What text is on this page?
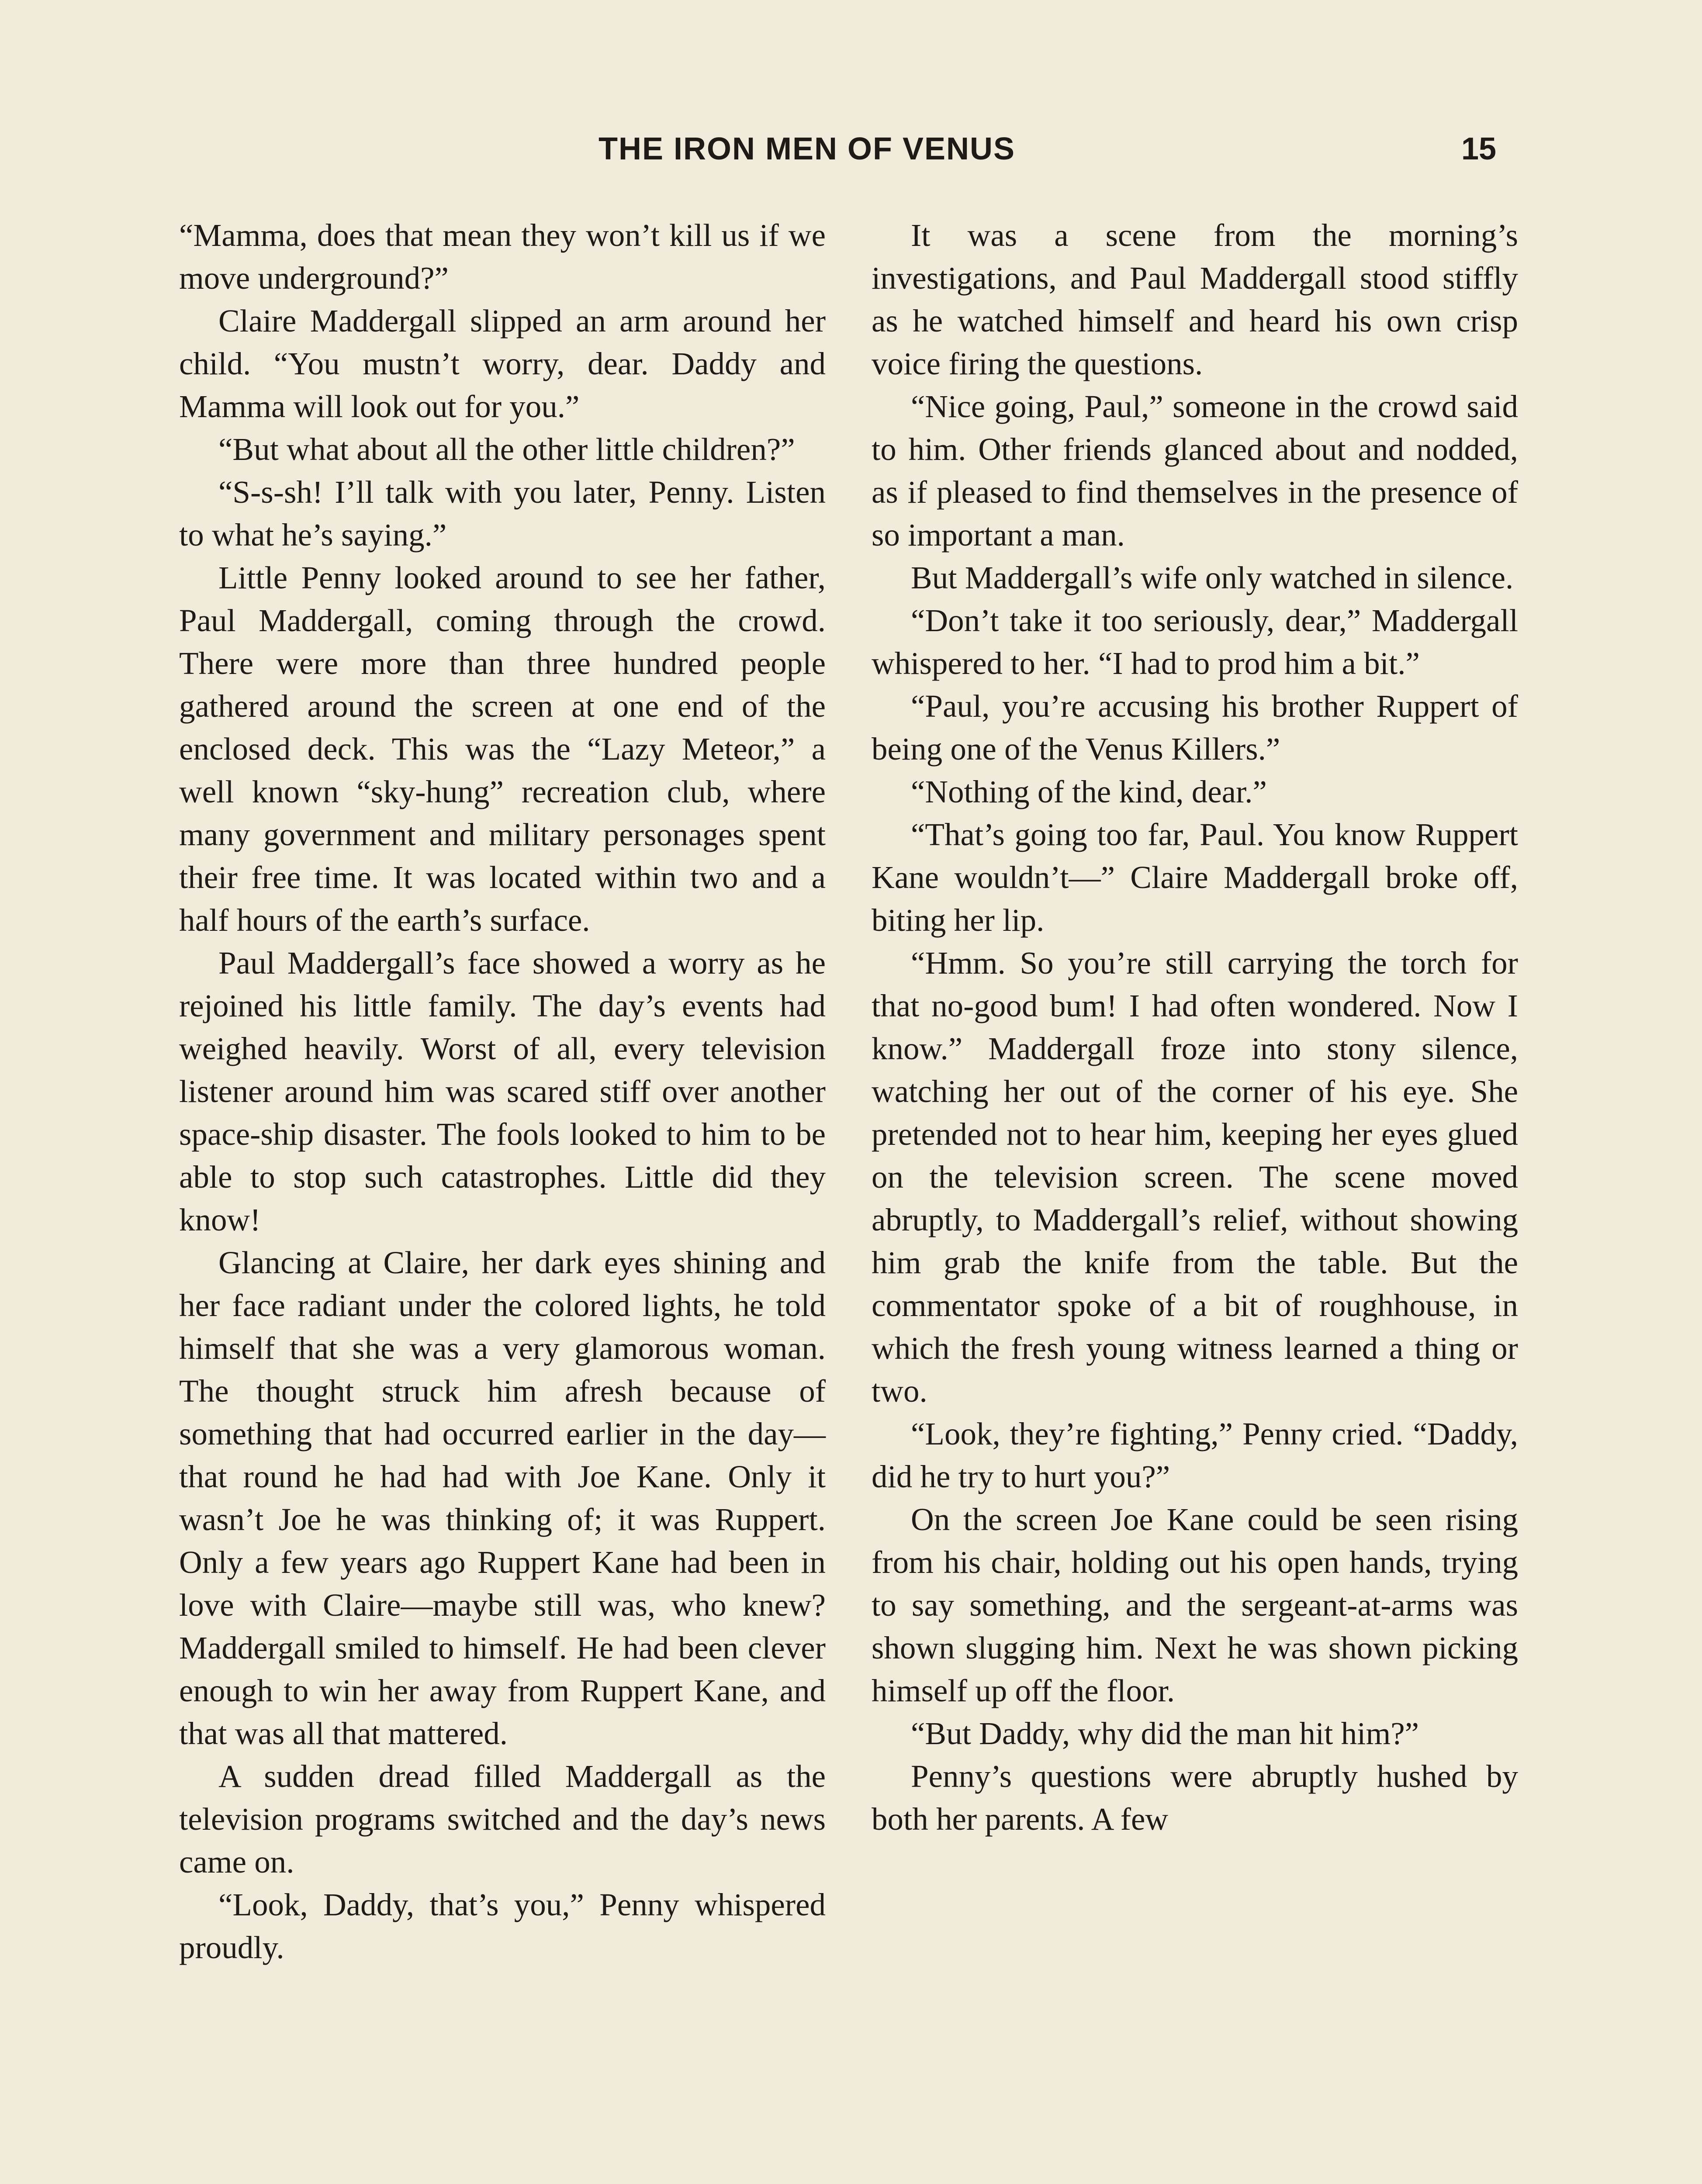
THE IRON MEN OF VENUS	15

“Mamma, does that mean they won’t kill us if we move underground?”

Claire Maddergall slipped an arm around her child. “You mustn’t worry, dear. Daddy and Mamma will look out for you.”

“But what about all the other little children?”

“S-s-sh! I’ll talk with you later, Penny. Listen to what he’s saying.”

Little Penny looked around to see her father, Paul Maddergall, coming through the crowd. There were more than three hundred people gathered around the screen at one end of the enclosed deck. This was the “Lazy Meteor,” a well known “sky-hung” recreation club, where many government and military personages spent their free time. It was located within two and a half hours of the earth’s surface.

Paul Maddergall’s face showed a worry as he rejoined his little family. The day’s events had weighed heavily. Worst of all, every television listener around him was scared stiff over another space-ship disaster. The fools looked to him to be able to stop such catastrophes. Little did they know!

Glancing at Claire, her dark eyes shining and her face radiant under the colored lights, he told himself that she was a very glamorous woman. The thought struck him afresh because of something that had occurred earlier in the day—that round he had had with Joe Kane. Only it wasn’t Joe he was thinking of; it was Ruppert. Only a few years ago Ruppert Kane had been in love with Claire—maybe still was, who knew? Maddergall smiled to himself. He had been clever enough to win her away from Ruppert Kane, and that was all that mattered.

A sudden dread filled Maddergall as the television programs switched and the day’s news came on.

“Look, Daddy, that’s you,” Penny whispered proudly.

It was a scene from the morning’s investigations, and Paul Maddergall stood stiffly as he watched himself and heard his own crisp voice firing the questions.

“Nice going, Paul,” someone in the crowd said to him. Other friends glanced about and nodded, as if pleased to find themselves in the presence of so important a man.

But Maddergall’s wife only watched in silence.

“Don’t take it too seriously, dear,” Maddergall whispered to her. “I had to prod him a bit.”

“Paul, you’re accusing his brother Ruppert of being one of the Venus Killers.”

“Nothing of the kind, dear.”

“That’s going too far, Paul. You know Ruppert Kane wouldn’t—” Claire Maddergall broke off, biting her lip.

“Hmm. So you’re still carrying the torch for that no-good bum! I had often wondered. Now I know.” Maddergall froze into stony silence, watching her out of the corner of his eye. She pretended not to hear him, keeping her eyes glued on the television screen. The scene moved abruptly, to Maddergall’s relief, without showing him grab the knife from the table. But the commentator spoke of a bit of roughhouse, in which the fresh young witness learned a thing or two.

“Look, they’re fighting,” Penny cried. “Daddy, did he try to hurt you?”

On the screen Joe Kane could be seen rising from his chair, holding out his open hands, trying to say something, and the sergeant-at-arms was shown slugging him. Next he was shown picking himself up off the floor.

“But Daddy, why did the man hit him?”

Penny’s questions were abruptly hushed by both her parents. A few
